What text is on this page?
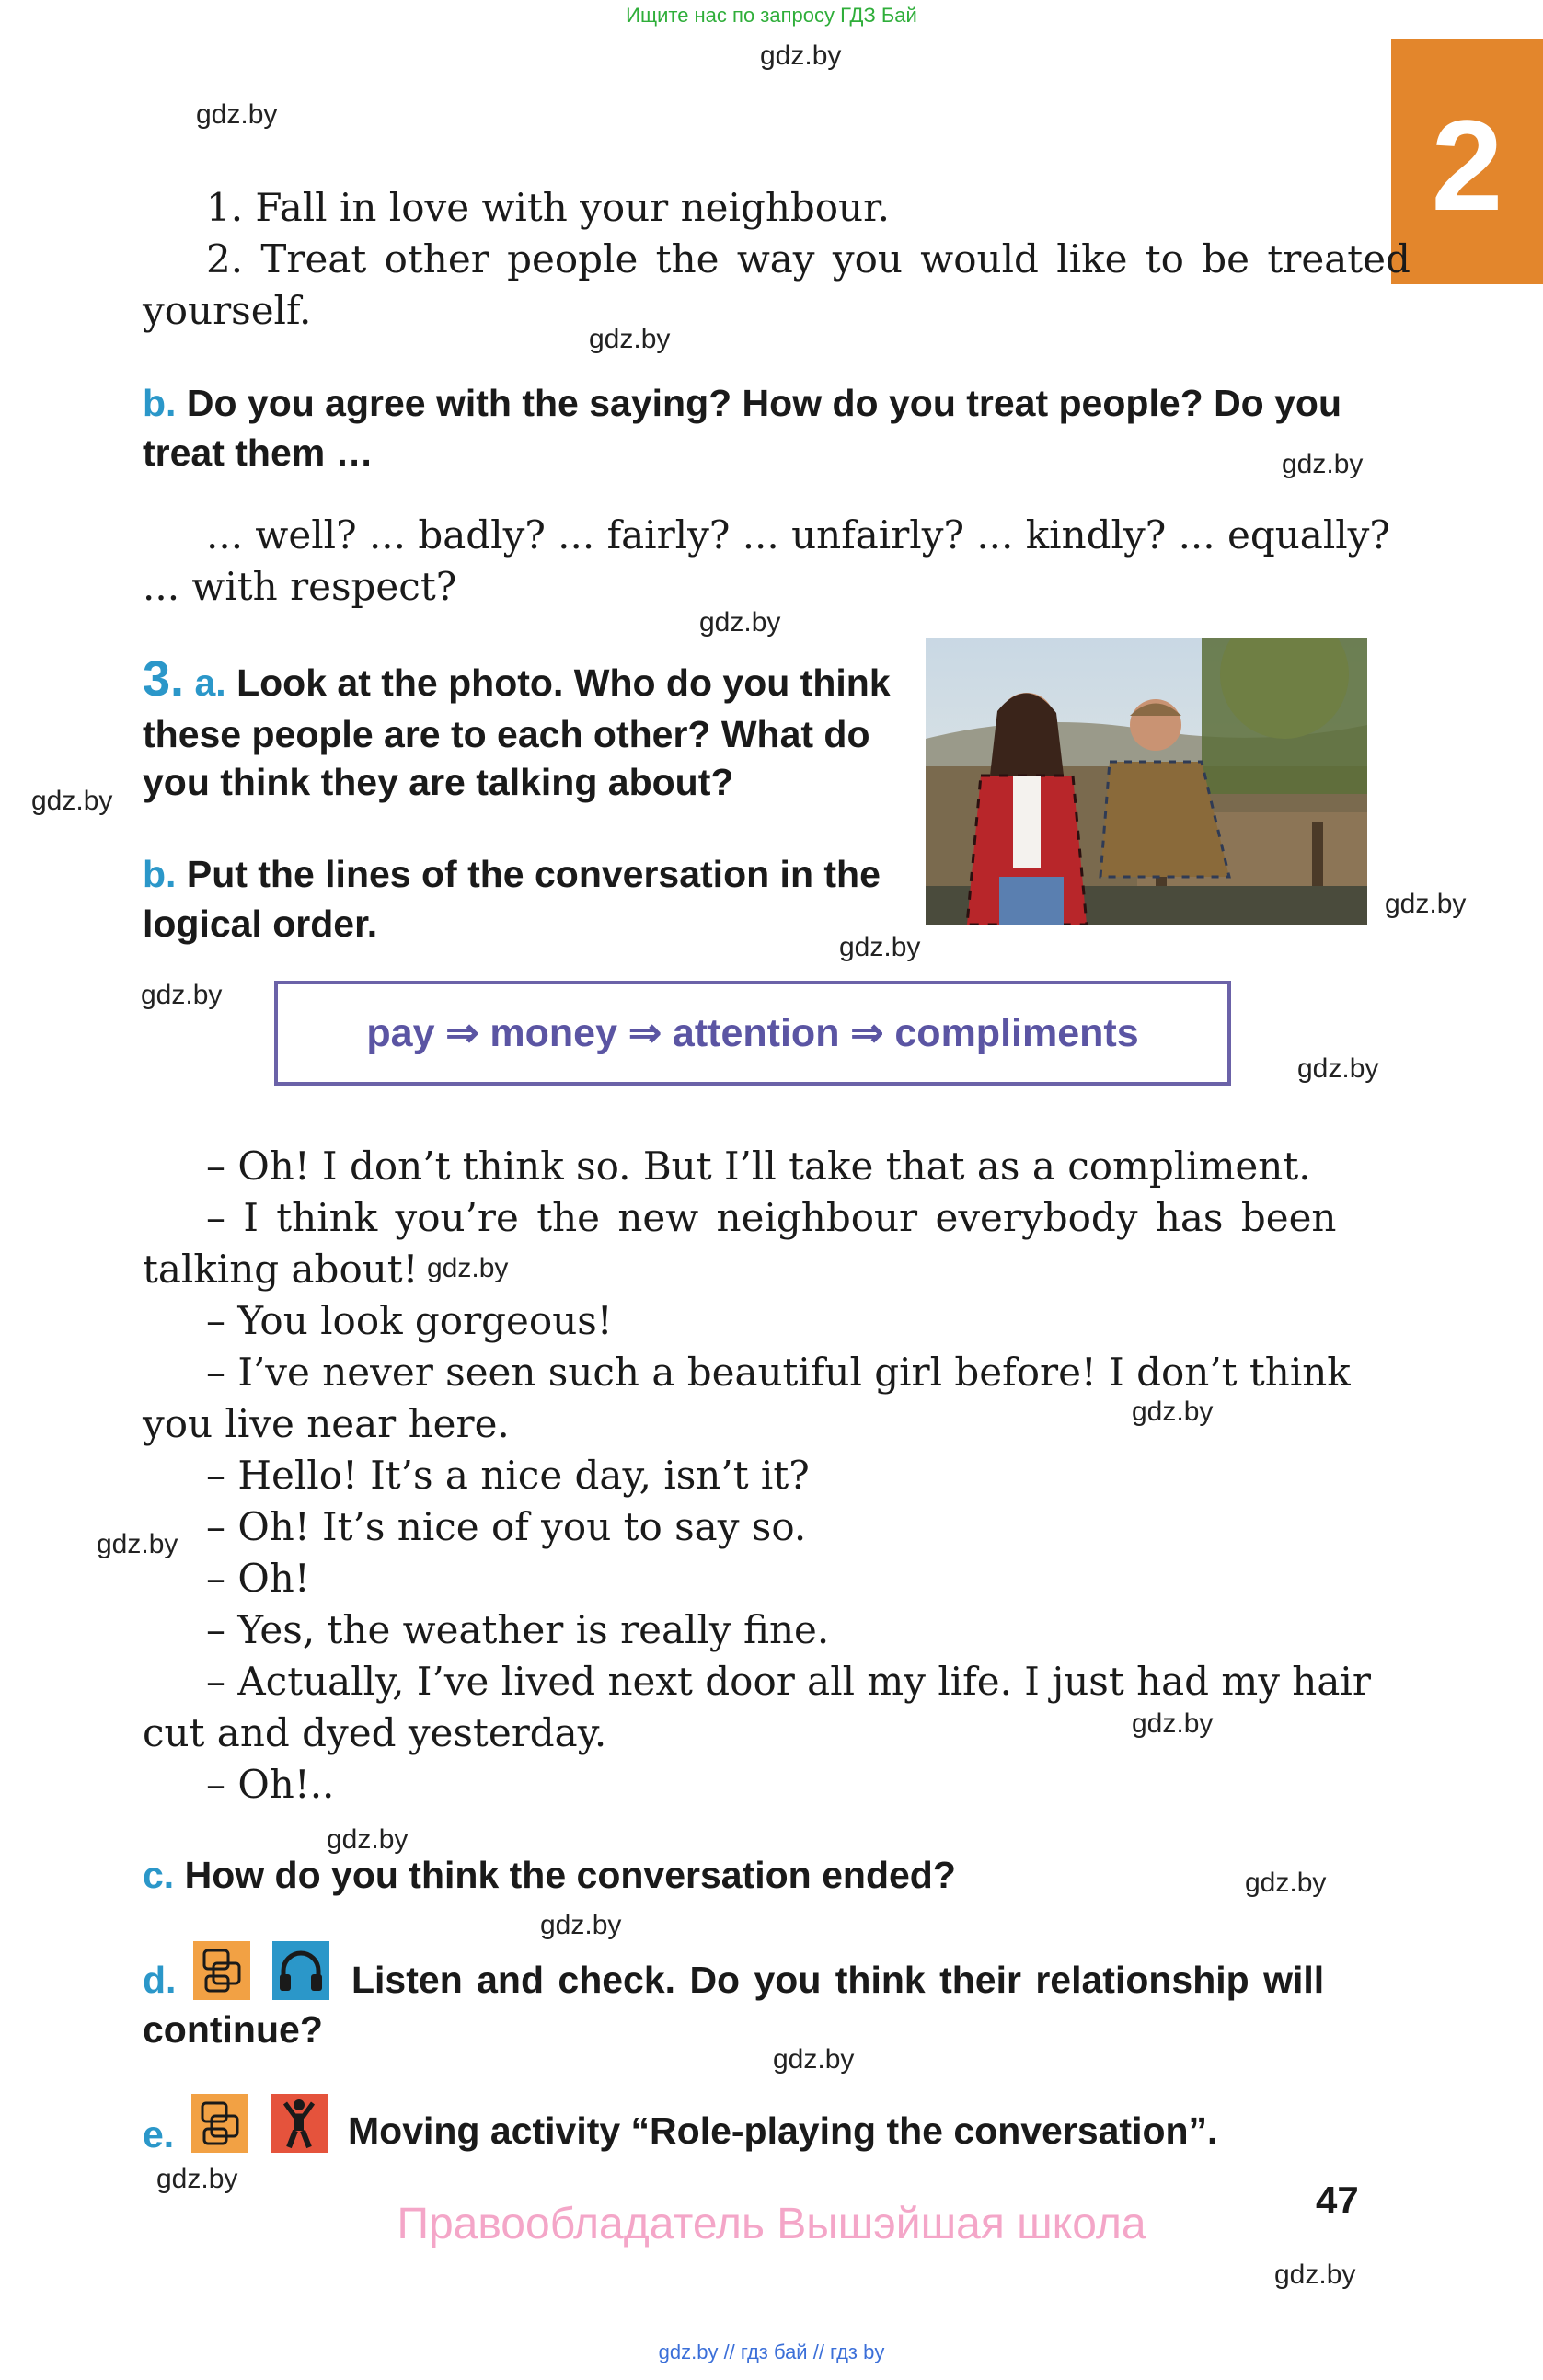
Ищите нас по запросу ГДЗ Бай
2
gdz.by
gdz.by
gdz.by
gdz.by
gdz.by
gdz.by
gdz.by
gdz.by
gdz.by
gdz.by
gdz.by
gdz.by
gdz.by
gdz.by
gdz.by
gdz.by
gdz.by
gdz.by
gdz.by
gdz.by
1. Fall in love with your neighbour.
2. Treat other people the way you would like to be treated
yourself.
b. Do you agree with the saying? How do you treat people? Do you
treat them …
... well? ... badly? ... fairly? ... unfairly? ... kindly? ... equally?
... with respect?
3. a. Look at the photo. Who do you think
these people are to each other? What do
you think they are talking about?
b. Put the lines of the conversation in the
logical order.
pay ⇒ money ⇒ attention ⇒ compliments
– Oh! I don’t think so. But I’ll take that as a compliment.
– I think you’re the new neighbour everybody has been
talking about!
– You look gorgeous!
– I’ve never seen such a beautiful girl before! I don’t think
you live near here.
– Hello! It’s a nice day, isn’t it?
– Oh! It’s nice of you to say so.
– Oh!
– Yes, the weather is really fine.
– Actually, I’ve lived next door all my life. I just had my hair
cut and dyed yesterday.
– Oh!..
c. How do you think the conversation ended?
d.	Listen and check. Do you think their relationship will
continue?
e.	Moving activity “Role-playing the conversation”.
47
Правообладатель Вышэйшая школа
gdz.by // гдз бай // гдз by
